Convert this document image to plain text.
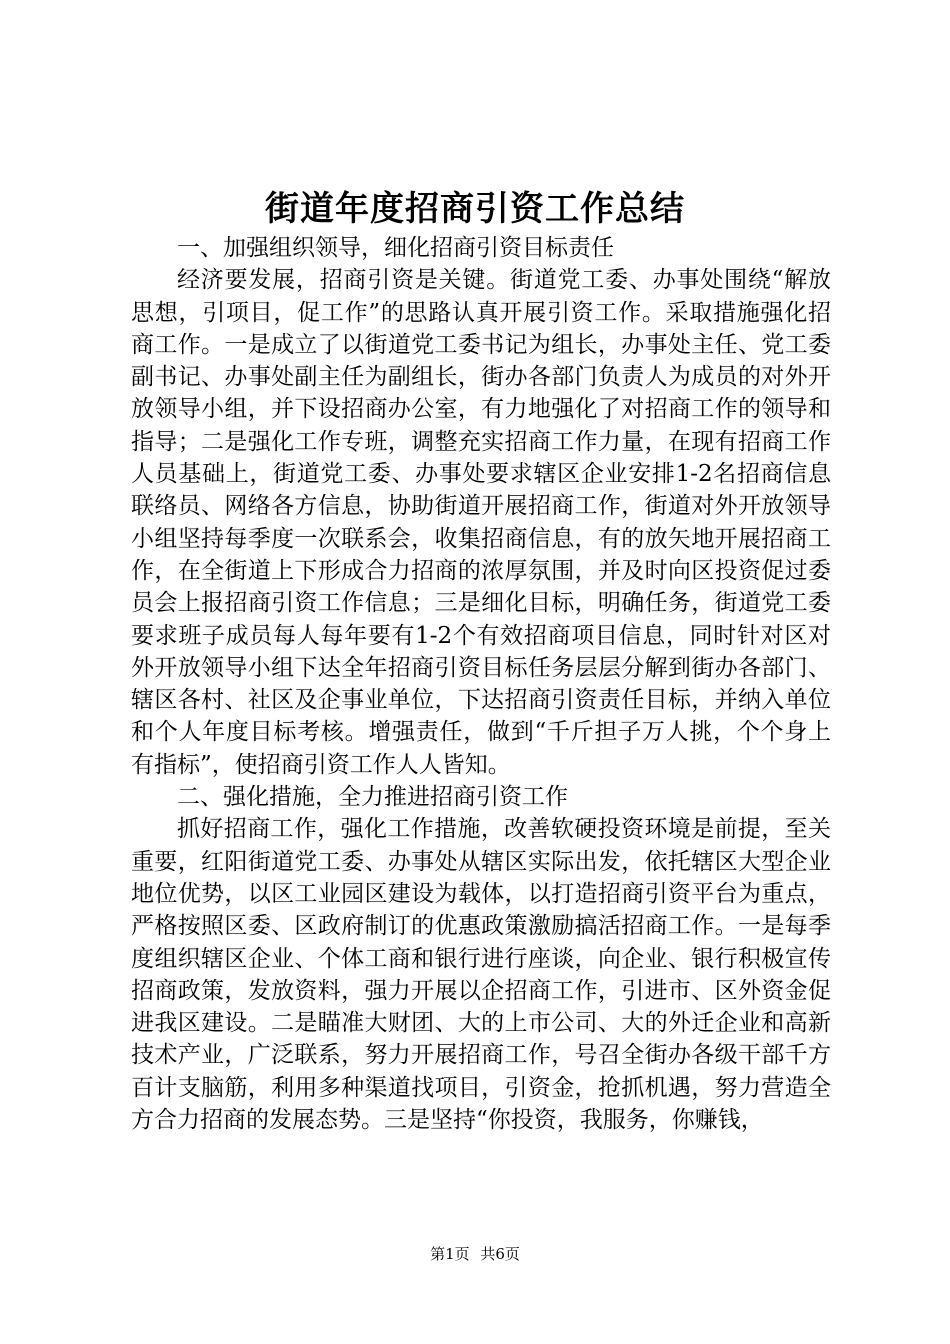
街道年度招商引资工作总结

一、加强组织领导，细化招商引资目标责任

经济要发展，招商引资是关键。街道党工委、办事处围绕“解放思想，引项目，促工作”的思路认真开展引资工作。采取措施强化招商工作。一是成立了以街道党工委书记为组长，办事处主任、党工委副书记、办事处副主任为副组长，街办各部门负责人为成员的对外开放领导小组，并下设招商办公室，有力地强化了对招商工作的领导和指导；二是强化工作专班，调整充实招商工作力量，在现有招商工作人员基础上，街道党工委、办事处要求辖区企业安排1-2名招商信息联络员、网络各方信息，协助街道开展招商工作，街道对外开放领导小组坚持每季度一次联系会，收集招商信息，有的放矢地开展招商工作，在全街道上下形成合力招商的浓厚氛围，并及时向区投资促过委员会上报招商引资工作信息；三是细化目标，明确任务，街道党工委要求班子成员每人每年要有1-2个有效招商项目信息，同时针对区对外开放领导小组下达全年招商引资目标任务层层分解到街办各部门、辖区各村、社区及企事业单位，下达招商引资责任目标，并纳入单位和个人年度目标考核。增强责任，做到“千斤担子万人挑，个个身上有指标”，使招商引资工作人人皆知。

二、强化措施，全力推进招商引资工作

抓好招商工作，强化工作措施，改善软硬投资环境是前提，至关重要，红阳街道党工委、办事处从辖区实际出发，依托辖区大型企业地位优势，以区工业园区建设为载体，以打造招商引资平台为重点，严格按照区委、区政府制订的优惠政策激励搞活招商工作。一是每季度组织辖区企业、个体工商和银行进行座谈，向企业、银行积极宣传招商政策，发放资料，强力开展以企招商工作，引进市、区外资金促进我区建设。二是瞄准大财团、大的上市公司、大的外迁企业和高新技术产业，广泛联系，努力开展招商工作，号召全街办各级干部千方百计支脑筋，利用多种渠道找项目，引资金，抢抓机遇，努力营造全方合力招商的发展态势。三是坚持“你投资，我服务，你赚钱，

第1页 共6页
